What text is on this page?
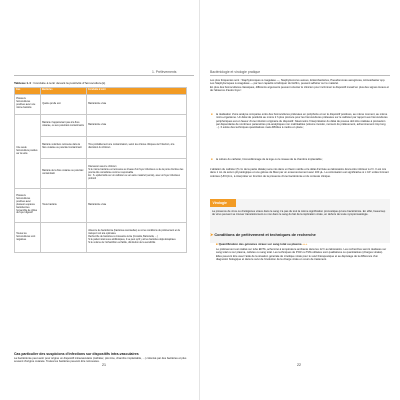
1. Prélèvements
Tableau 1-4 : Conduite à tenir devant la positivité d'hémoculture(s)
Cas	Bactéries	Conduite à tenir
Plusieurs hémocultures positives avec une même bactérie	Quelle qu'elle soit	Bactériémie vraie
Une seule hémoculture positive sur la série	Bactérie n'appartenant pas à la flore cutanée, ou aux potentiels contaminants	Bactériémie vraie
	Bactérie volontiers retrouvée dans la flore cutanée ou potentiel contaminant	Très probablement une contamination, selon les critères cliniques de l'infection, à la discrétion du clinicien
	Bactérie de la flore cutanée ou potentiel contaminant	Discussion avec le clinicien
Si le même bactérie est retrouvée au niveau d'un foyer infectieux ou de la porte d'entrée des pourra être considérée comme responsable
Ex : S. epidermidis sur un cathéter ou sur autre matériel (sonde), avec un foyer infectieux profond
Plusieurs hémocultures positives avec plusieurs espèces bactériennes l'ensemble de cibles du foyer digestif	Toute bactérie	Bactériémie vraie
Toutes les hémocultures sont négatives		Absence de bactériémie (bactéries éventuelles) ou si les conditions du prélèvement et du transport ont été optimales
Recherche de bactéries à croissance lente (Coxiella, Bartonella, ...)
Si le patient était sous antibiotiques, il se peut qu'il y ait les bactéries déjà décapitées
Si le volume de l'échantillon est faible, diminution de la sensibilité
Cas particulier des suspicions d'infections sur dispositifs intra-vasculaires
La bactériémie peut avoir pour origine un dispositif intravasculaire (cathéter, picc-line, chambre implantable, ...) colonisé par des bactéries et plus souvent d'origine cutanée. Toutes les bactéries peuvent être retrouvées.
21
Bactériologie et virologie pratique
Les plus fréquentes sont : Staphylocoques à coagulase —, Staphylococcus aureus, Entérobactéries, Pseudomonas aeruginosa, Acinetobacter spp.
Les Staphylocoques à coagulase — par leur capacité à fabriquer du biofilm, peuvent adhérer sur le matériel.
En plus des hémocultures classiques, différents arguments peuvent orienter le clinicien pour incriminer le dispositif invasif en plus des signes locaux et de l'absence d'autre foyer :
■ la réalisation d'une analyse comparée entre des hémocultures prélevées en périphérie et sur le dispositif positives, au même moment, au même micro-organisme. Un délai de positivité au moins 2 h plus précoce pour les hémocultures prélevées sur le cathéter par rapport aux hémocultures périphériques est en faveur d'une infection originaire du dispositif. Néanmoins l'interprétation du délai de pousse doit être réalisée à précaution par dépendante de nombreux paramètres pré-analytiques non maîtrisables (volume inoculé, moment du prélèvement, acheminement trop long ...). Il existe des techniques quantitatives mais difficiles à mettre en place ;
■ la culture du cathéter, l'écouvillonnage de la loge ou le réseau de la chambre implantable ;
L'ablation du cathéter (5 cm de la partie distale) sera mis dans un flacon stérile et le délai d'arrivée au laboratoire devra être inférieur à 2 h. Il est mis dans 1 mL de sérum physiologique et une gélose de Maxi par un ensemencement avec 100 µL. La colonisation est significative si ≥ 10³ unités formant colonies (UFC)/mL, à interpréter en fonction de la présence d'une bactériémie et du contexte clinique.
Virologie
La présence de virus ou d'antigènes viraux dans le sang n'a pas du tout la même signification pronostique qu'une bactériémie. En effet, beaucoup de virus peuvent se trouver transitoirement ou non dans le sang du fait de la réplication virale, en dehors de toute symptomatologie.
➤ Conditions de prélèvement et techniques de recherche
■ Quantification des génomes viraux sur sang total ou plasma +++
Le prélèvement est réalisé sur tube EDTA, acheminé à température ambiante dans les 12 h au laboratoire. Les recherches seront réalisées sur sang total ou sur plasma, cellules ou sang total. Les techniques de PCR ou TMA utilisées sont qualitatives ou quantitatives (charges virales). Elles peuvent être avec l'aide de la situation générale de cinétique virale pour le suivi thérapeutique et au dépistage de la différence d'un diagnostic biologique et dans le suivi de l'évolution de la charge virale en cours de traitement.
22
